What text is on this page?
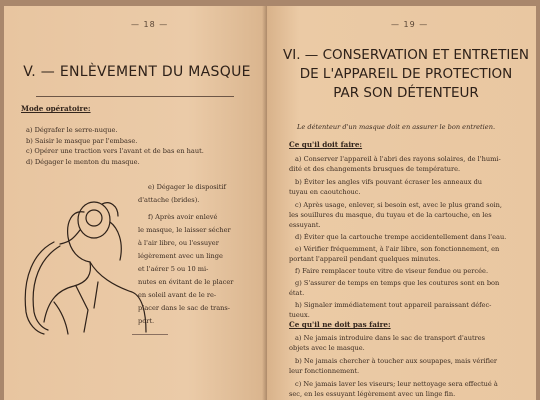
— 18 —
V. — ENLÈVEMENT DU MASQUE
Mode opératoire:
a) Dégrafer le serre-nuque.
b) Saisir le masque par l'embase.
c) Opérer une traction vers l'avant et de bas en haut.
d) Dégager le menton du masque.
e) Dégager le dispositif
d'attache (brides).
f) Après avoir enlevé
le masque, le laisser sécher
à l'air libre, ou l'essuyer
légèrement avec un linge
et l'aérer 5 ou 10 mi-
nutes en évitant de le placer
en soleil avant de le re-
placer dans le sac de trans-
port.
— 19 —
VI. — CONSERVATION ET ENTRETIEN
DE L'APPAREIL DE PROTECTION
PAR SON DÉTENTEUR
Le détenteur d'un masque doit en assurer le bon entretien.
Ce qu'il doit faire:
a) Conserver l'appareil à l'abri des rayons solaires, de l'humi-
dité et des changements brusques de température.
b) Éviter les angles vifs pouvant écraser les anneaux du
tuyau en caoutchouc.
c) Après usage, enlever, si besoin est, avec le plus grand soin,
les souillures du masque, du tuyau et de la cartouche, en les
essuyant.
d) Éviter que la cartouche trempe accidentellement dans l'eau.
e) Vérifier fréquemment, à l'air libre, son fonctionnement, en
portant l'appareil pendant quelques minutes.
f) Faire remplacer toute vitre de viseur fendue ou percée.
g) S'assurer de temps en temps que les coutures sont en bon
état.
h) Signaler immédiatement tout appareil paraissant défec-
tueux.
Ce qu'il ne doit pas faire:
a) Ne jamais introduire dans le sac de transport d'autres
objets avec le masque.
b) Ne jamais chercher à toucher aux soupapes, mais vérifier
leur fonctionnement.
c) Ne jamais laver les viseurs; leur nettoyage sera effectué à
sec, en les essuyant légèrement avec un linge fin.
